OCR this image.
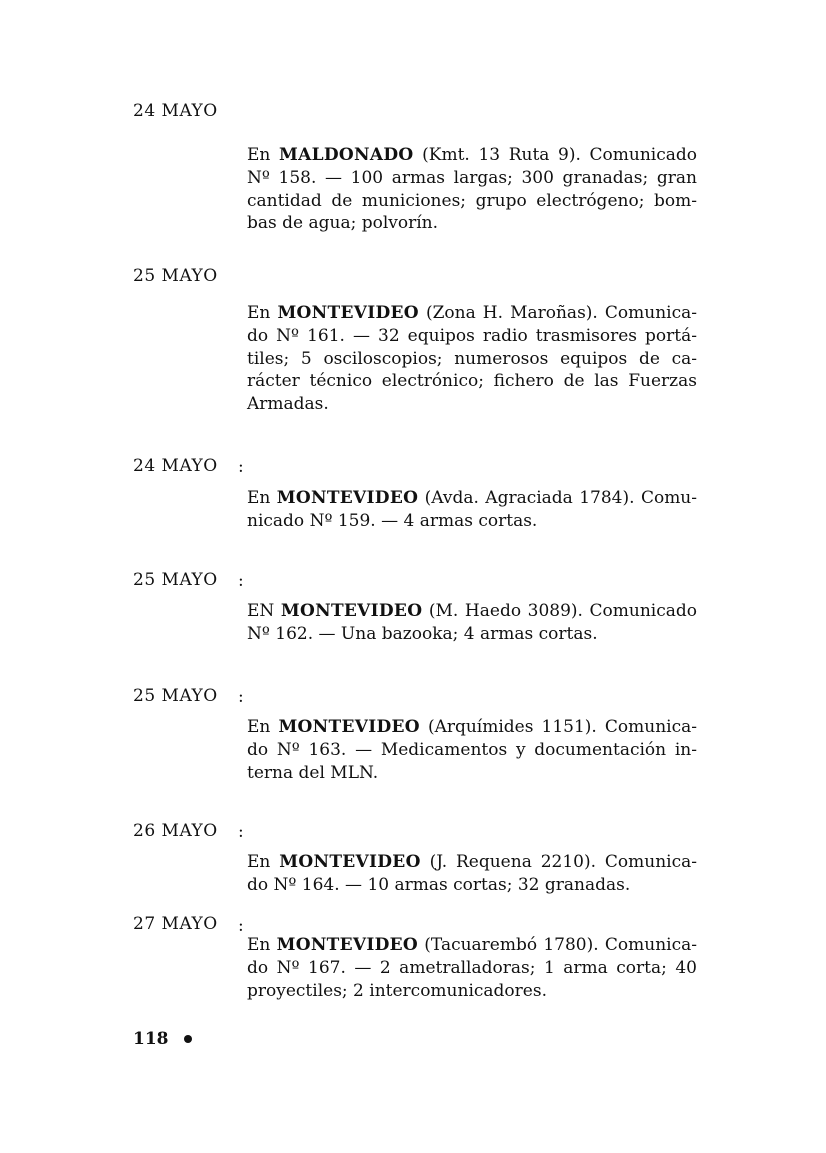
24 MAYO
En MALDONADO (Kmt. 13 Ruta 9). Comunicado
Nº 158. — 100 armas largas; 300 granadas; gran
cantidad de municiones; grupo electrógeno; bom-
bas de agua; polvorín.
25 MAYO
En MONTEVIDEO (Zona H. Maroñas). Comunica-
do Nº 161. — 32 equipos radio trasmisores portá-
tiles; 5 osciloscopios; numerosos equipos de ca-
rácter técnico electrónico; fichero de las Fuerzas
Armadas.
24 MAYO :
En MONTEVIDEO (Avda. Agraciada 1784). Comu-
nicado Nº 159. — 4 armas cortas.
25 MAYO :
EN MONTEVIDEO (M. Haedo 3089). Comunicado
Nº 162. — Una bazooka; 4 armas cortas.
25 MAYO :
En MONTEVIDEO (Arquímides 1151). Comunica-
do Nº 163. — Medicamentos y documentación in-
terna del MLN.
26 MAYO :
En MONTEVIDEO (J. Requena 2210). Comunica-
do Nº 164. — 10 armas cortas; 32 granadas.
27 MAYO :
En MONTEVIDEO (Tacuarembó 1780). Comunica-
do Nº 167. — 2 ametralladoras; 1 arma corta; 40
proyectiles; 2 intercomunicadores.
118
